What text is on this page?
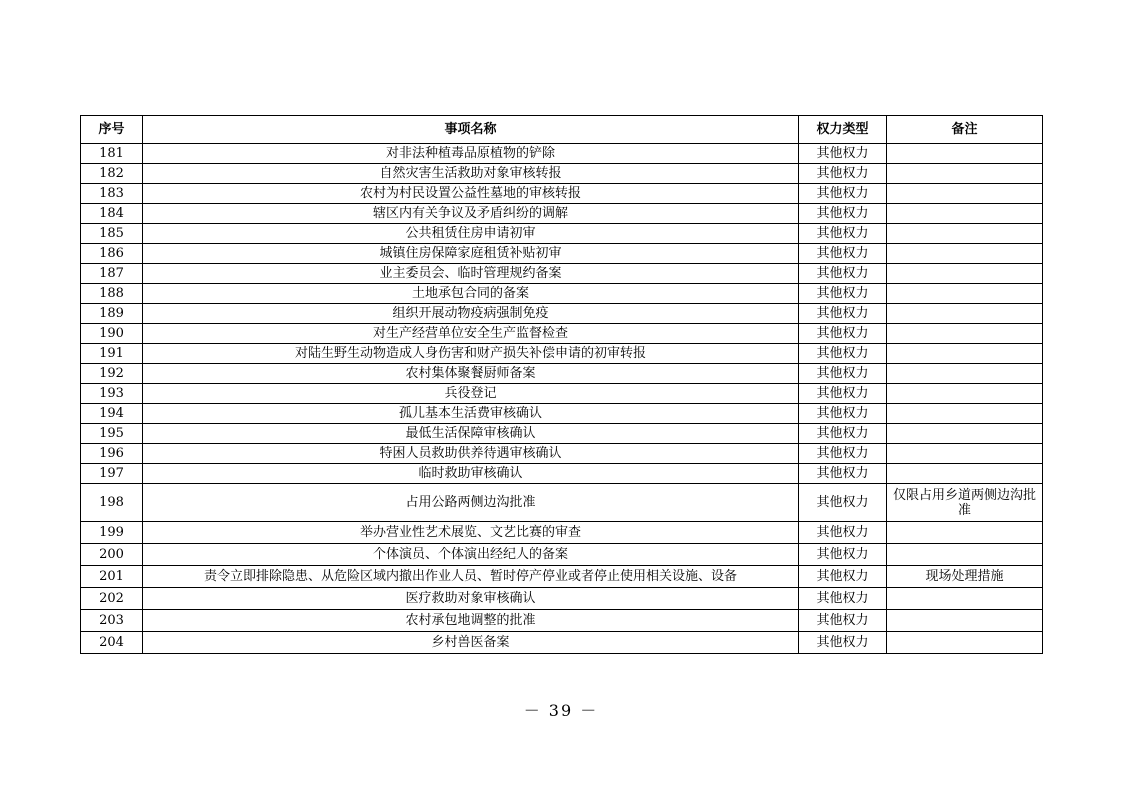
序号	事项名称	权力类型	备注
181	对非法种植毒品原植物的铲除	其他权力	
182	自然灾害生活救助对象审核转报	其他权力	
183	农村为村民设置公益性墓地的审核转报	其他权力	
184	辖区内有关争议及矛盾纠纷的调解	其他权力	
185	公共租赁住房申请初审	其他权力	
186	城镇住房保障家庭租赁补贴初审	其他权力	
187	业主委员会、临时管理规约备案	其他权力	
188	土地承包合同的备案	其他权力	
189	组织开展动物疫病强制免疫	其他权力	
190	对生产经营单位安全生产监督检查	其他权力	
191	对陆生野生动物造成人身伤害和财产损失补偿申请的初审转报	其他权力	
192	农村集体聚餐厨师备案	其他权力	
193	兵役登记	其他权力	
194	孤儿基本生活费审核确认	其他权力	
195	最低生活保障审核确认	其他权力	
196	特困人员救助供养待遇审核确认	其他权力	
197	临时救助审核确认	其他权力	
198	占用公路两侧边沟批准	其他权力	仅限占用乡道两侧边沟批准
199	举办营业性艺术展览、文艺比赛的审查	其他权力	
200	个体演员、个体演出经纪人的备案	其他权力	
201	责令立即排除隐患、从危险区域内撤出作业人员、暂时停产停业或者停止使用相关设施、设备	其他权力	现场处理措施
202	医疗救助对象审核确认	其他权力	
203	农村承包地调整的批准	其他权力	
204	乡村兽医备案	其他权力	
－ 39 －
